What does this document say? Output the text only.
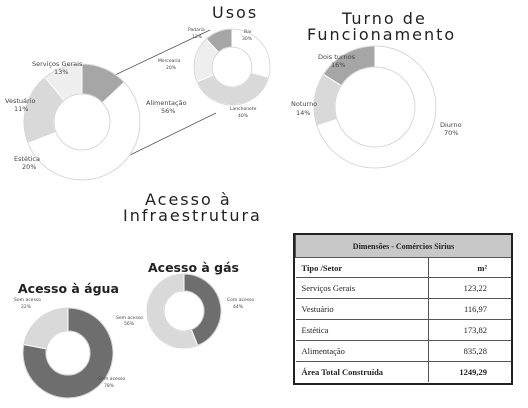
Usos	Turno de
Funcionamento
Acesso à
Infraestrutura
Acesso à água
Acesso à gás
Serviços Gerais
13%
Vestuário
11%
Estética
20%
Alimentação
56%
Padaria
12%
Bar
30%
Mercearia
20%
Lanchonete
40%
Dois turnos
16%
Noturno
14%
Diurno
70%
Sem acesso
22%
Com acesso
78%
Sem acesso
56%
Com acesso
44%
Dimensões - Comércios Sirius	
Tipo /Setor	m²
Serviços Gerais	123,22
Vestuário	116,97
Estética	173,82
Alimentação	835,28
Área Total Construída	1249,29
